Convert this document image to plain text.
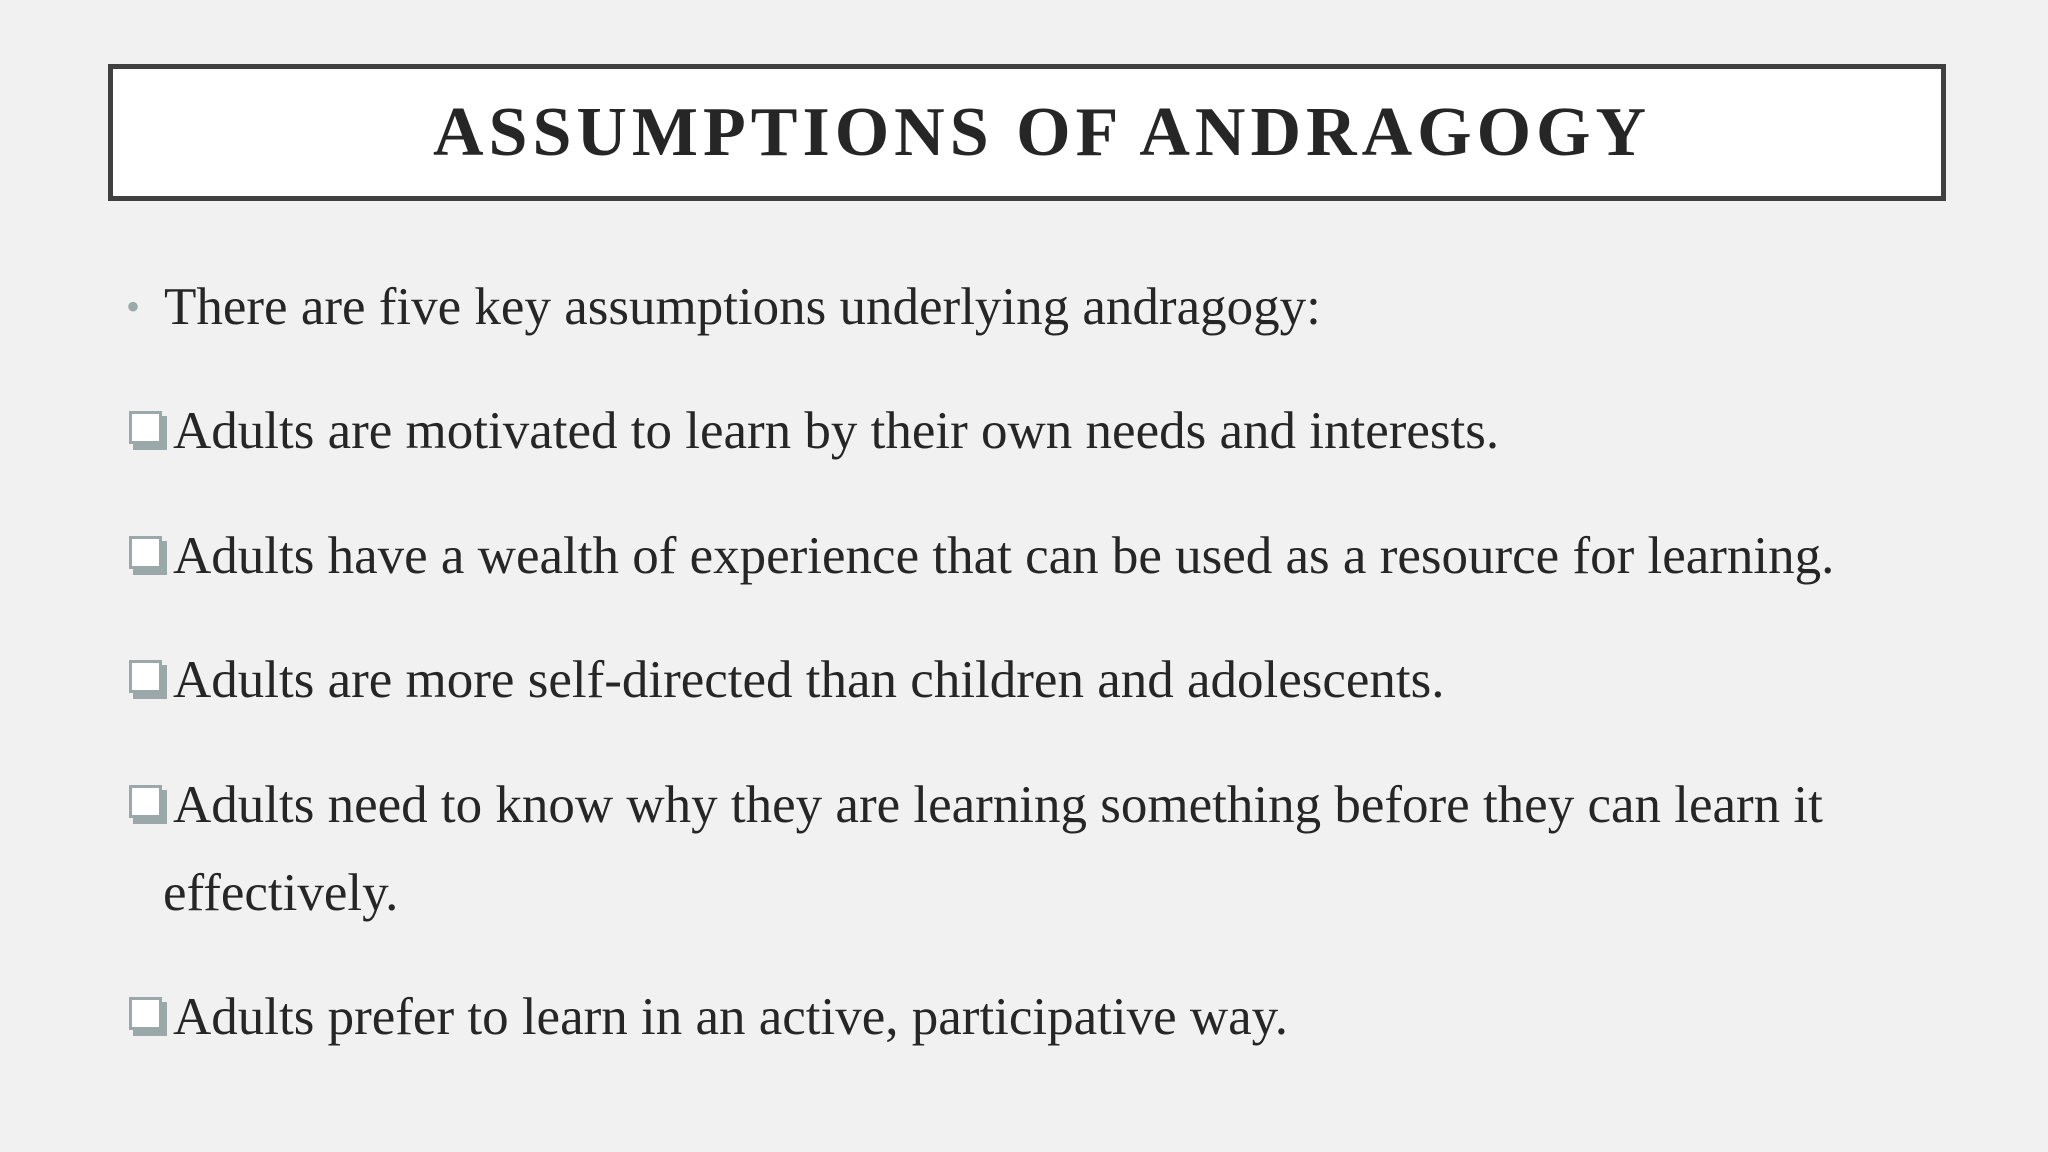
ASSUMPTIONS OF ANDRAGOGY
• There are five key assumptions underlying andragogy:
Adults are motivated to learn by their own needs and interests.
Adults have a wealth of experience that can be used as a resource for learning.
Adults are more self-directed than children and adolescents.
Adults need to know why they are learning something before they can learn it
effectively.
Adults prefer to learn in an active, participative way.
